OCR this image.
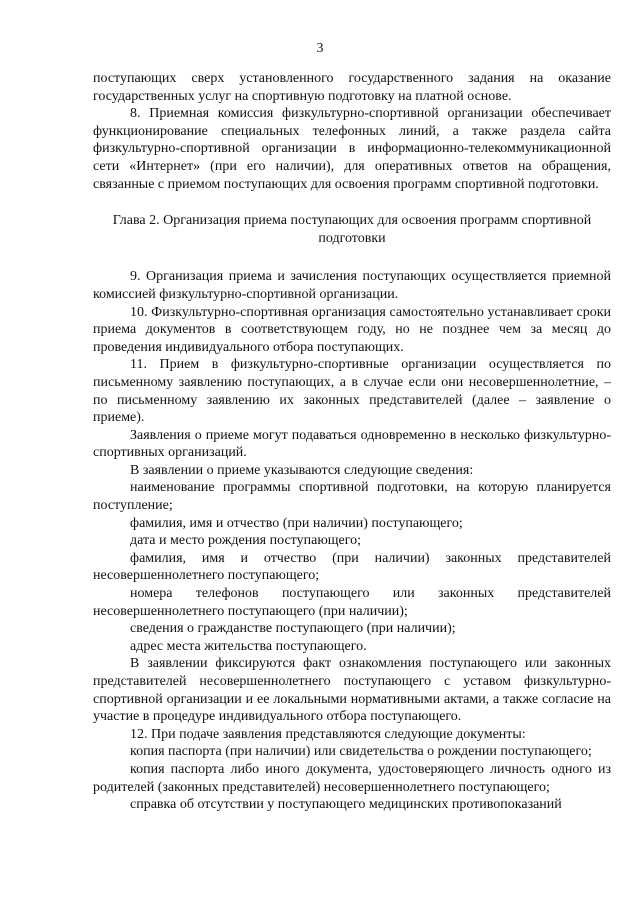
3

поступающих сверх установленного государственного задания на оказание государственных услуг на спортивную подготовку на платной основе.

8. Приемная комиссия физкультурно-спортивной организации обеспечивает функционирование специальных телефонных линий, а также раздела сайта физкультурно-спортивной организации в информационно-телекоммуникационной сети «Интернет» (при его наличии), для оперативных ответов на обращения, связанные с приемом поступающих для освоения программ спортивной подготовки.

Глава 2. Организация приема поступающих для освоения программ спортивной подготовки

9. Организация приема и зачисления поступающих осуществляется приемной комиссией физкультурно-спортивной организации.

10. Физкультурно-спортивная организация самостоятельно устанавливает сроки приема документов в соответствующем году, но не позднее чем за месяц до проведения индивидуального отбора поступающих.

11. Прием в физкультурно-спортивные организации осуществляется по письменному заявлению поступающих, а в случае если они несовершеннолетние, – по письменному заявлению их законных представителей (далее – заявление о приеме).

Заявления о приеме могут подаваться одновременно в несколько физкультурно-спортивных организаций.

В заявлении о приеме указываются следующие сведения:

наименование программы спортивной подготовки, на которую планируется поступление;

фамилия, имя и отчество (при наличии) поступающего;

дата и место рождения поступающего;

фамилия, имя и отчество (при наличии) законных представителей несовершеннолетнего поступающего;

номера телефонов поступающего или законных представителей несовершеннолетнего поступающего (при наличии);

сведения о гражданстве поступающего (при наличии);

адрес места жительства поступающего.

В заявлении фиксируются факт ознакомления поступающего или законных представителей несовершеннолетнего поступающего с уставом физкультурно-спортивной организации и ее локальными нормативными актами, а также согласие на участие в процедуре индивидуального отбора поступающего.

12. При подаче заявления представляются следующие документы:

копия паспорта (при наличии) или свидетельства о рождении поступающего;

копия паспорта либо иного документа, удостоверяющего личность одного из родителей (законных представителей) несовершеннолетнего поступающего;

справка об отсутствии у поступающего медицинских противопоказаний
